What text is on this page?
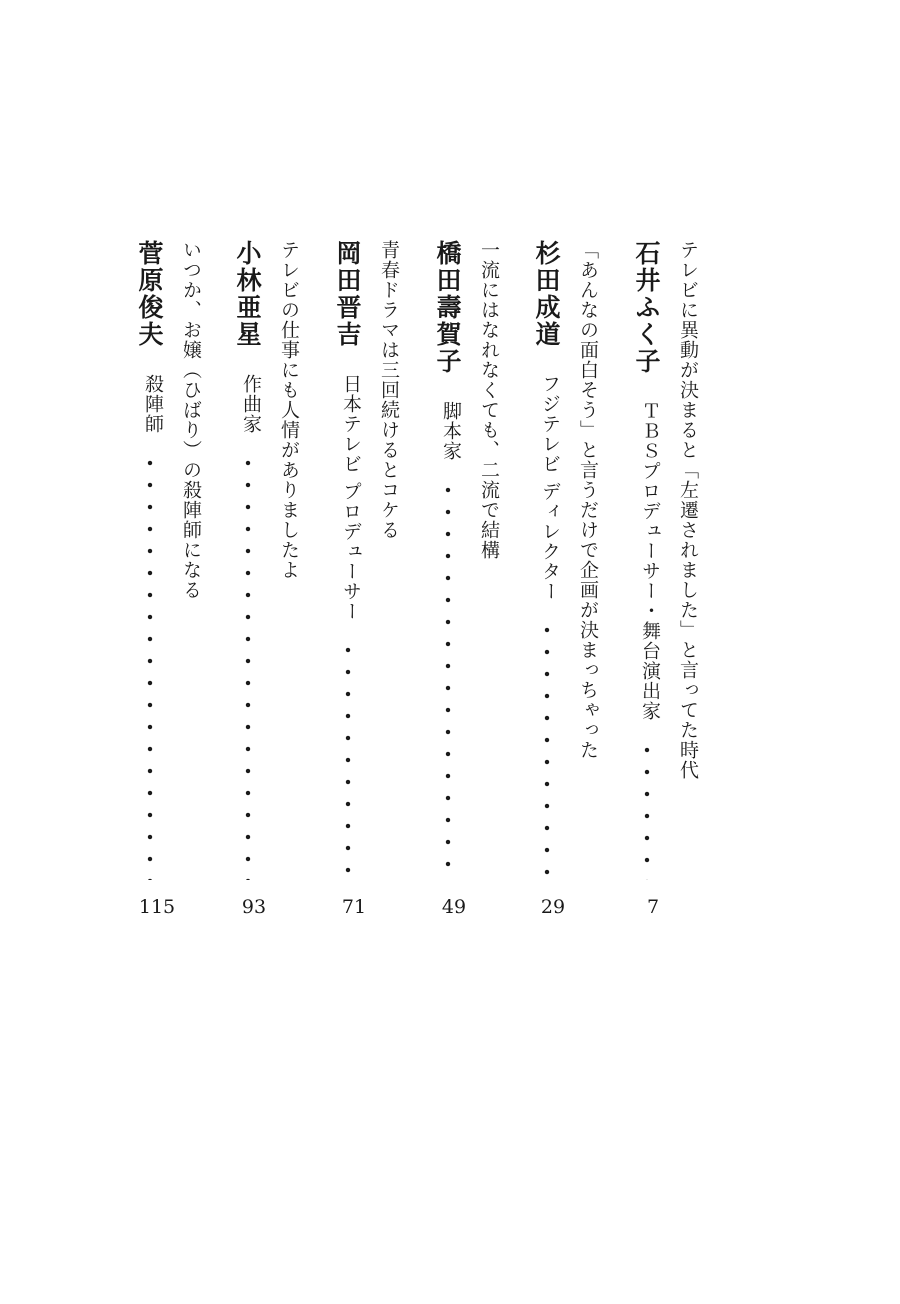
テレビに異動が決まると「左遷されました」と言ってた時代
石井ふく子
ＴＢＳプロデューサー・舞台演出家
7
「あんなの面白そう」と言うだけで企画が決まっちゃった
杉田成道
フジテレビ ディレクター
29
一流にはなれなくても、二流で結構
橋田壽賀子
脚本家
49
青春ドラマは三回続けるとコケる
岡田晋吉
日本テレビ プロデューサー
71
テレビの仕事にも人情がありましたよ
小林亜星
作曲家
93
いつか、お嬢（ひばり）の殺陣師になる
菅原俊夫
殺陣師
115
